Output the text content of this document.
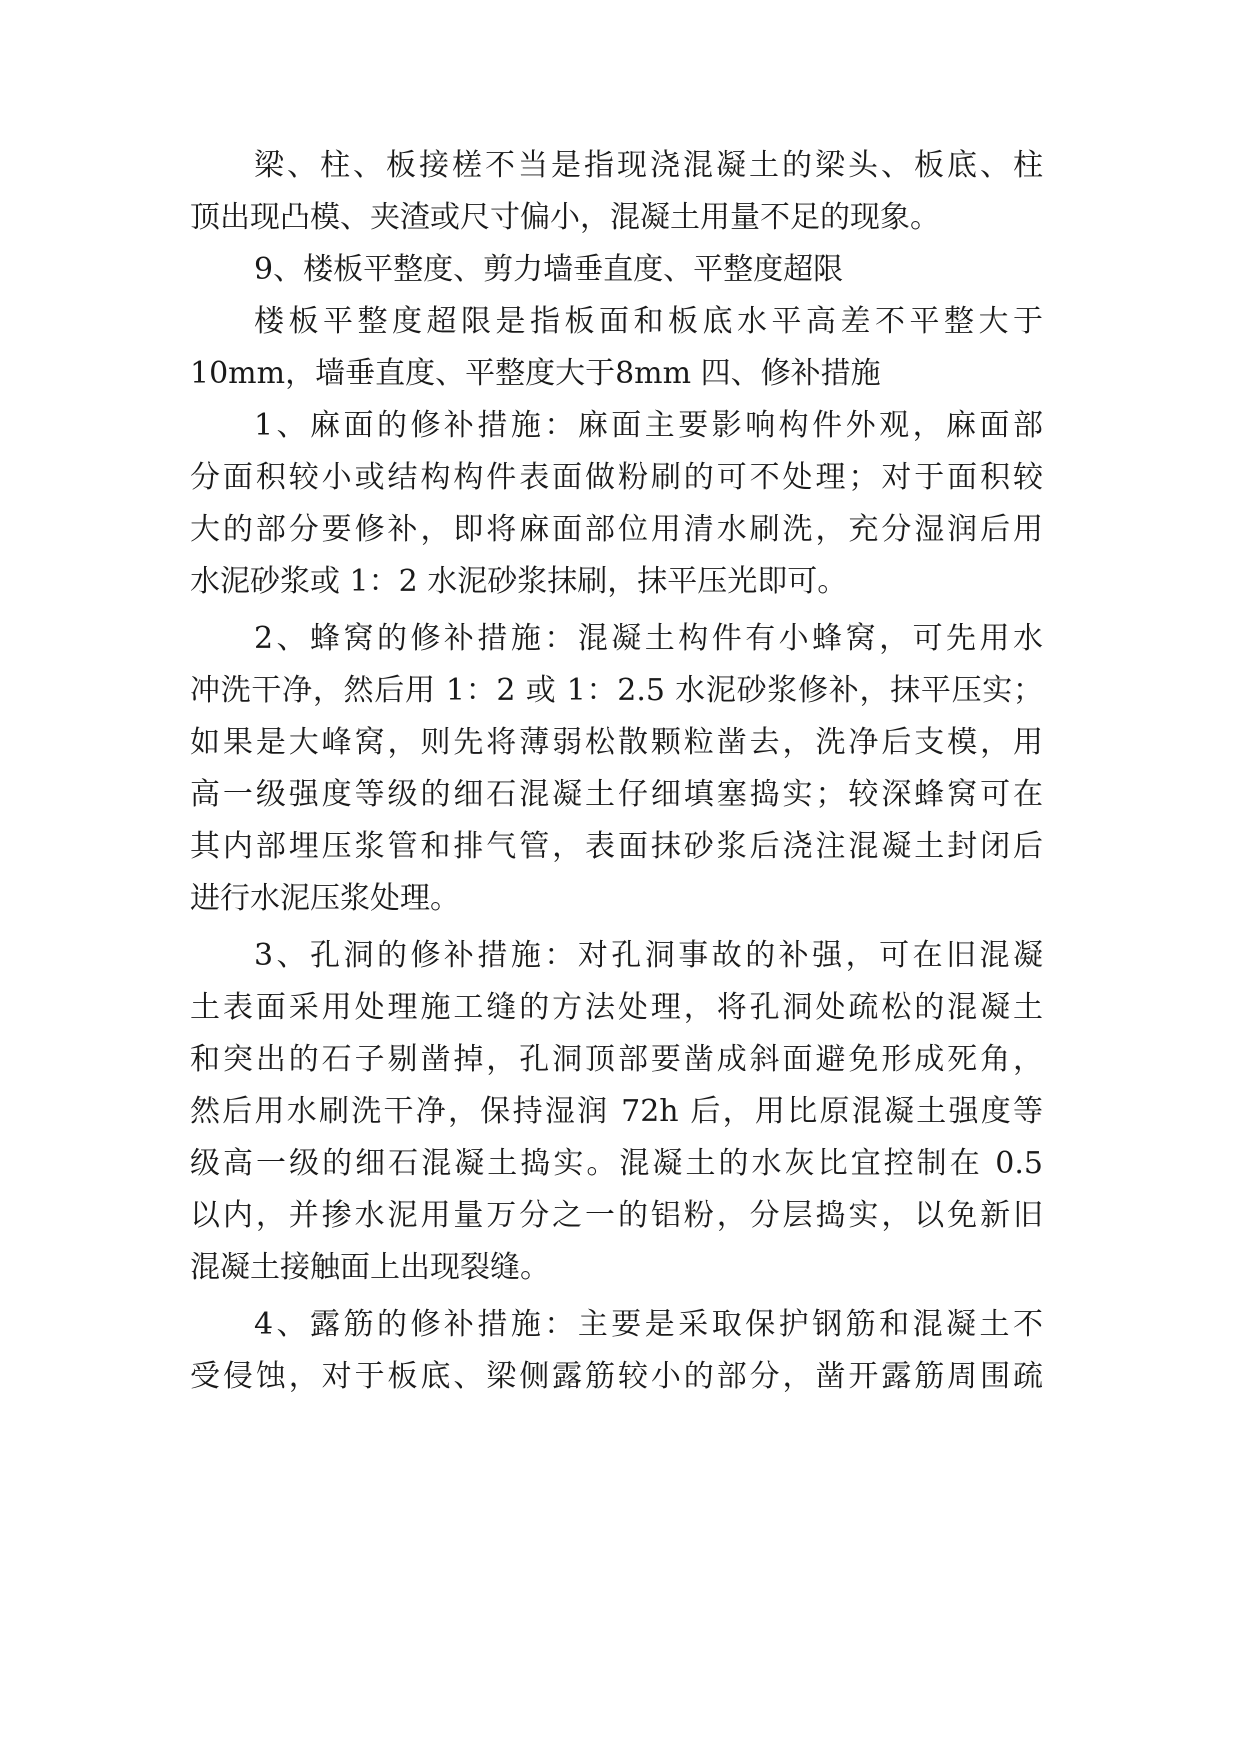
梁、柱、板接槎不当是指现浇混凝土的梁头、板底、柱
顶出现凸模、夹渣或尺寸偏小，混凝土用量不足的现象。
9、楼板平整度、剪力墙垂直度、平整度超限
楼板平整度超限是指板面和板底水平高差不平整大于
10mm，墙垂直度、平整度大于8mm 四、修补措施
1、麻面的修补措施：麻面主要影响构件外观，麻面部
分面积较小或结构构件表面做粉刷的可不处理；对于面积较
大的部分要修补，即将麻面部位用清水刷洗，充分湿润后用
水泥砂浆或 1：2 水泥砂浆抹刷，抹平压光即可。
2、蜂窝的修补措施：混凝土构件有小蜂窝，可先用水
冲洗干净，然后用 1：2 或 1：2.5 水泥砂浆修补，抹平压实；
如果是大峰窝，则先将薄弱松散颗粒凿去，洗净后支模，用
高一级强度等级的细石混凝土仔细填塞捣实；较深蜂窝可在
其内部埋压浆管和排气管，表面抹砂浆后浇注混凝土封闭后
进行水泥压浆处理。
3、孔洞的修补措施：对孔洞事故的补强，可在旧混凝
土表面采用处理施工缝的方法处理，将孔洞处疏松的混凝土
和突出的石子剔凿掉，孔洞顶部要凿成斜面避免形成死角，
然后用水刷洗干净，保持湿润 72h 后，用比原混凝土强度等
级高一级的细石混凝土捣实。混凝土的水灰比宜控制在 0.5
以内，并掺水泥用量万分之一的铝粉，分层捣实，以免新旧
混凝土接触面上出现裂缝。
4、露筋的修补措施：主要是采取保护钢筋和混凝土不
受侵蚀，对于板底、梁侧露筋较小的部分，凿开露筋周围疏
